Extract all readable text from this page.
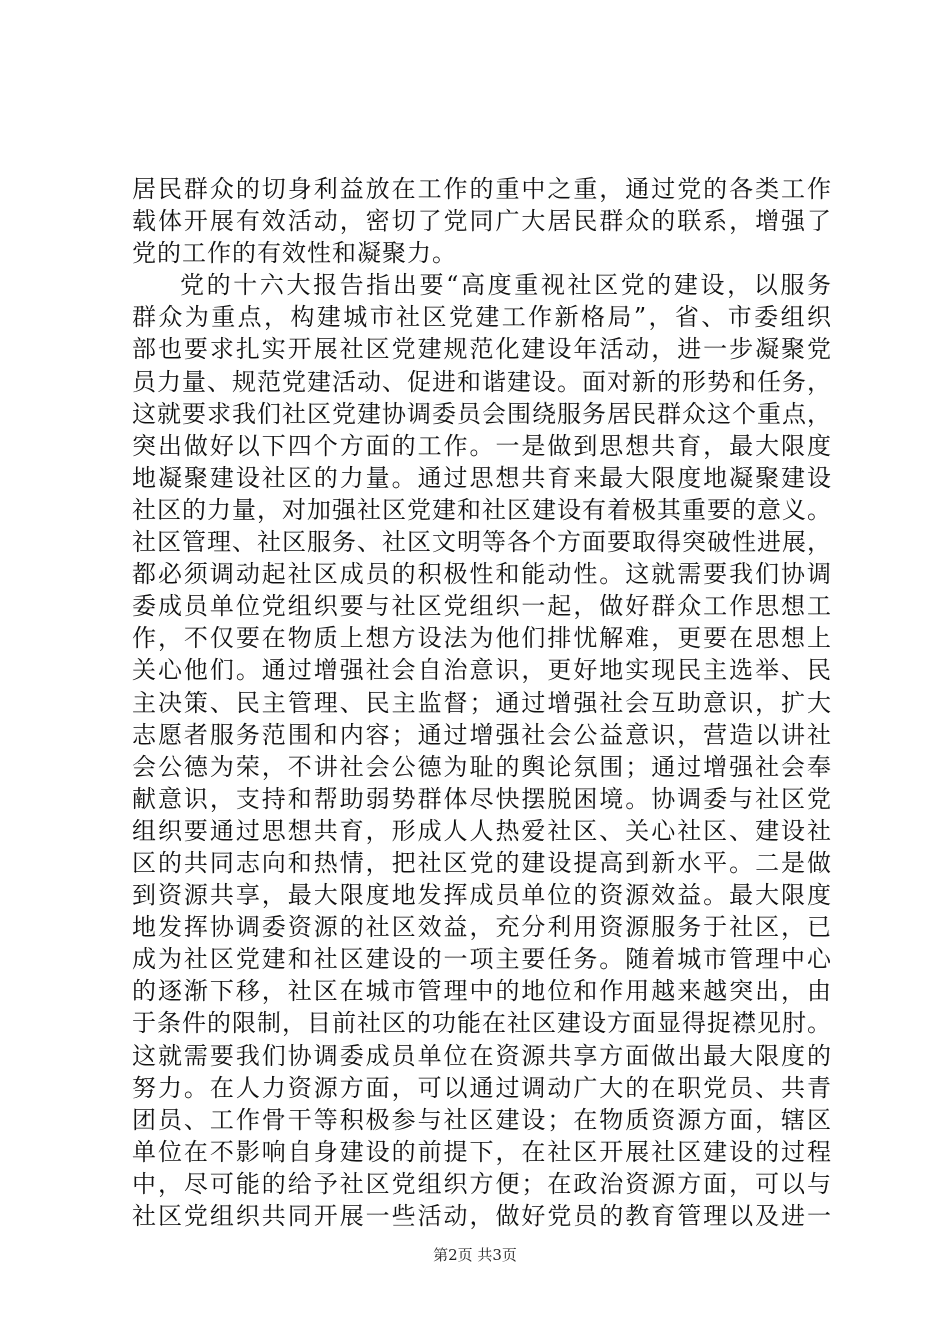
居民群众的切身利益放在工作的重中之重，通过党的各类工作
载体开展有效活动，密切了党同广大居民群众的联系，增强了
党的工作的有效性和凝聚力。
党的十六大报告指出要“高度重视社区党的建设，以服务
群众为重点，构建城市社区党建工作新格局”，省、市委组织
部也要求扎实开展社区党建规范化建设年活动，进一步凝聚党
员力量、规范党建活动、促进和谐建设。面对新的形势和任务，
这就要求我们社区党建协调委员会围绕服务居民群众这个重点，
突出做好以下四个方面的工作。一是做到思想共育，最大限度
地凝聚建设社区的力量。通过思想共育来最大限度地凝聚建设
社区的力量，对加强社区党建和社区建设有着极其重要的意义。
社区管理、社区服务、社区文明等各个方面要取得突破性进展，
都必须调动起社区成员的积极性和能动性。这就需要我们协调
委成员单位党组织要与社区党组织一起，做好群众工作思想工
作，不仅要在物质上想方设法为他们排忧解难，更要在思想上
关心他们。通过增强社会自治意识，更好地实现民主选举、民
主决策、民主管理、民主监督；通过增强社会互助意识，扩大
志愿者服务范围和内容；通过增强社会公益意识，营造以讲社
会公德为荣，不讲社会公德为耻的舆论氛围；通过增强社会奉
献意识，支持和帮助弱势群体尽快摆脱困境。协调委与社区党
组织要通过思想共育，形成人人热爱社区、关心社区、建设社
区的共同志向和热情，把社区党的建设提高到新水平。二是做
到资源共享，最大限度地发挥成员单位的资源效益。最大限度
地发挥协调委资源的社区效益，充分利用资源服务于社区，已
成为社区党建和社区建设的一项主要任务。随着城市管理中心
的逐渐下移，社区在城市管理中的地位和作用越来越突出，由
于条件的限制，目前社区的功能在社区建设方面显得捉襟见肘。
这就需要我们协调委成员单位在资源共享方面做出最大限度的
努力。在人力资源方面，可以通过调动广大的在职党员、共青
团员、工作骨干等积极参与社区建设；在物质资源方面，辖区
单位在不影响自身建设的前提下，在社区开展社区建设的过程
中，尽可能的给予社区党组织方便；在政治资源方面，可以与
社区党组织共同开展一些活动，做好党员的教育管理以及进一
第2页 共3页
